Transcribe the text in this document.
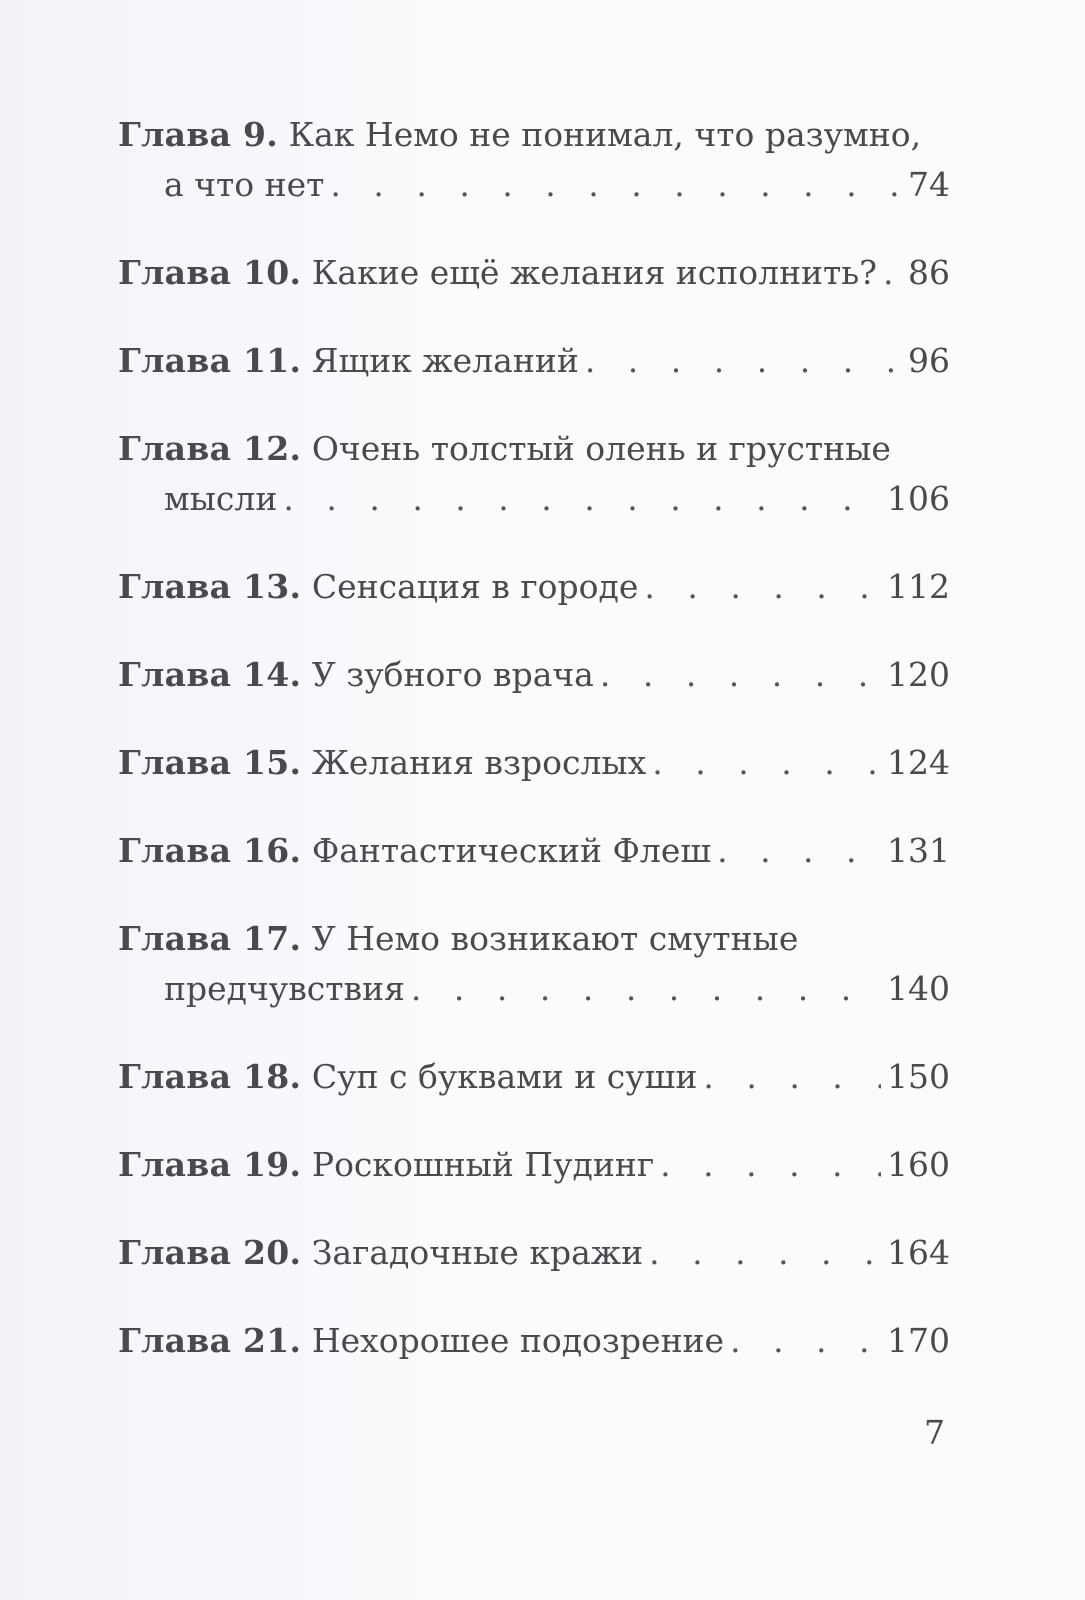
Глава 9. Как Немо не понимал, что разумно,
а что нет . . .	74
Глава 10. Какие ещё желания исполнить? . . . 86
Глава 11. Ящик желаний . . .	96
Глава 12. Очень толстый олень и грустные
мысли . . .	106
Глава 13. Сенсация в городе . . .	112
Глава 14. У зубного врача . . .	120
Глава 15. Желания взрослых . . .	124
Глава 16. Фантастический Флеш . . .	131
Глава 17. У Немо возникают смутные
предчувствия . . .	140
Глава 18. Суп с буквами и суши . . .	150
Глава 19. Роскошный Пудинг . . .	160
Глава 20. Загадочные кражи . . .	164
Глава 21. Нехорошее подозрение . . .	170
7
